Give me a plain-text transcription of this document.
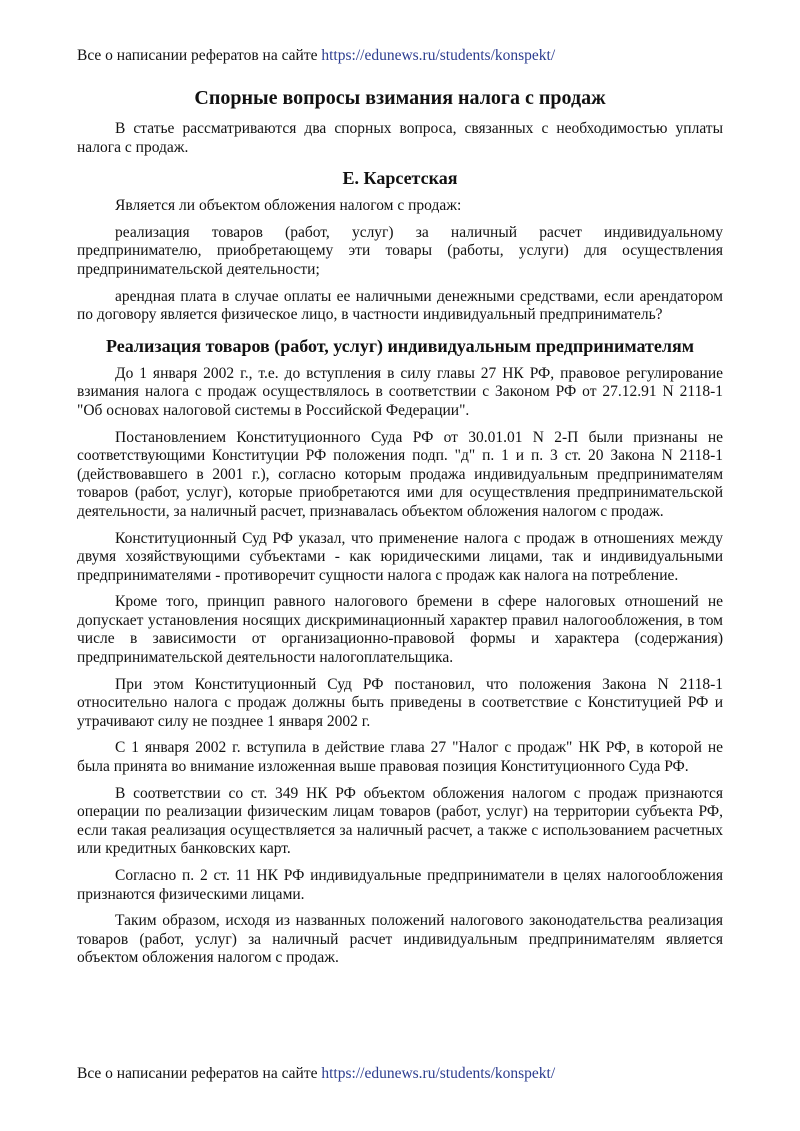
Все о написании рефератов на сайте https://edunews.ru/students/konspekt/
Спорные вопросы взимания налога с продаж

В статье рассматриваются два спорных вопроса, связанных с необходимостью уплаты налога с продаж.

Е. Карсетская

Является ли объектом обложения налогом с продаж:

реализация товаров (работ, услуг) за наличный расчет индивидуальному предпринимателю, приобретающему эти товары (работы, услуги) для осуществления предпринимательской деятельности;

арендная плата в случае оплаты ее наличными денежными средствами, если арендатором по договору является физическое лицо, в частности индивидуальный предприниматель?

Реализация товаров (работ, услуг) индивидуальным предпринимателям

До 1 января 2002 г., т.е. до вступления в силу главы 27 НК РФ, правовое регулирование взимания налога с продаж осуществлялось в соответствии с Законом РФ от 27.12.91 N 2118-1 "Об основах налоговой системы в Российской Федерации".

Постановлением Конституционного Суда РФ от 30.01.01 N 2-П были признаны не соответствующими Конституции РФ положения подп. "д" п. 1 и п. 3 ст. 20 Закона N 2118-1 (действовавшего в 2001 г.), согласно которым продажа индивидуальным предпринимателям товаров (работ, услуг), которые приобретаются ими для осуществления предпринимательской деятельности, за наличный расчет, признавалась объектом обложения налогом с продаж.

Конституционный Суд РФ указал, что применение налога с продаж в отношениях между двумя хозяйствующими субъектами - как юридическими лицами, так и индивидуальными предпринимателями - противоречит сущности налога с продаж как налога на потребление.

Кроме того, принцип равного налогового бремени в сфере налоговых отношений не допускает установления носящих дискриминационный характер правил налогообложения, в том числе в зависимости от организационно-правовой формы и характера (содержания) предпринимательской деятельности налогоплательщика.

При этом Конституционный Суд РФ постановил, что положения Закона N 2118-1 относительно налога с продаж должны быть приведены в соответствие с Конституцией РФ и утрачивают силу не позднее 1 января 2002 г.

С 1 января 2002 г. вступила в действие глава 27 "Налог с продаж" НК РФ, в которой не была принята во внимание изложенная выше правовая позиция Конституционного Суда РФ.

В соответствии со ст. 349 НК РФ объектом обложения налогом с продаж признаются операции по реализации физическим лицам товаров (работ, услуг) на территории субъекта РФ, если такая реализация осуществляется за наличный расчет, а также с использованием расчетных или кредитных банковских карт.

Согласно п. 2 ст. 11 НК РФ индивидуальные предприниматели в целях налогообложения признаются физическими лицами.

Таким образом, исходя из названных положений налогового законодательства реализация товаров (работ, услуг) за наличный расчет индивидуальным предпринимателям является объектом обложения налогом с продаж.

Все о написании рефератов на сайте https://edunews.ru/students/konspekt/
